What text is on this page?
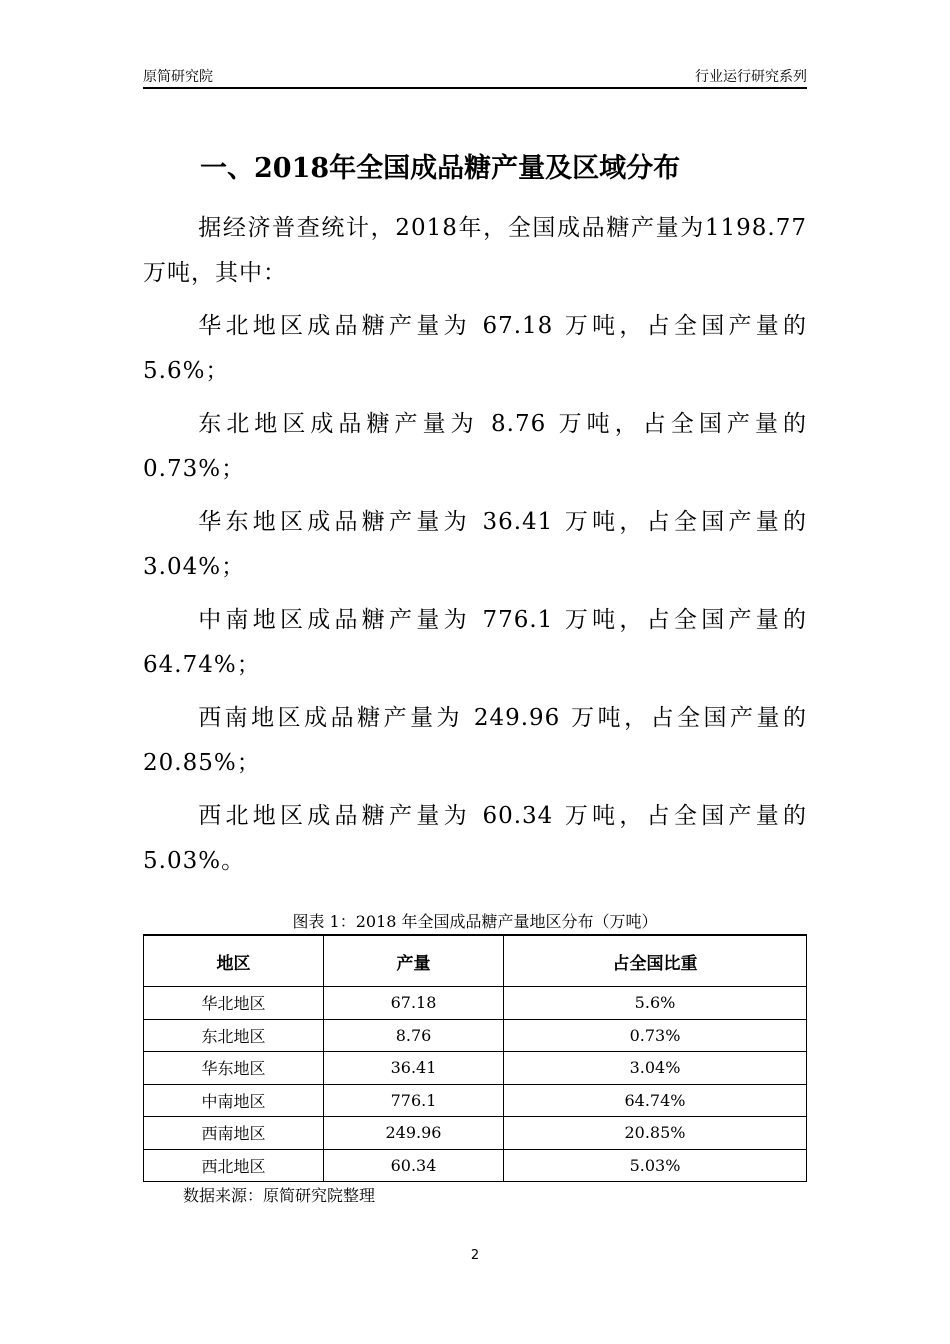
原简研究院	行业运行研究系列
一、2018年全国成品糖产量及区域分布

据经济普查统计，2018年，全国成品糖产量为1198.77万吨，其中：

华北地区成品糖产量为 67.18 万吨，占全国产量的5.6%；

东北地区成品糖产量为 8.76 万吨，占全国产量的0.73%；

华东地区成品糖产量为 36.41 万吨，占全国产量的3.04%；

中南地区成品糖产量为 776.1 万吨，占全国产量的64.74%；

西南地区成品糖产量为 249.96 万吨，占全国产量的20.85%；

西北地区成品糖产量为 60.34 万吨，占全国产量的5.03%。

图表 1：2018 年全国成品糖产量地区分布（万吨）
地区	产量	占全国比重
华北地区	67.18	5.6%
东北地区	8.76	0.73%
华东地区	36.41	3.04%
中南地区	776.1	64.74%
西南地区	249.96	20.85%
西北地区	60.34	5.03%
数据来源：原简研究院整理
2
